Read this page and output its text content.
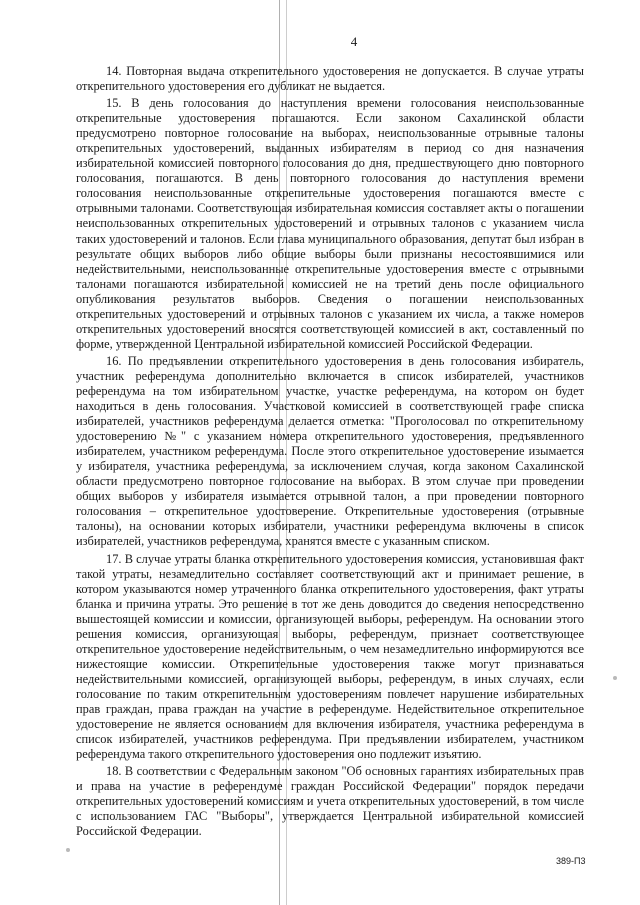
4

14. Повторная выдача открепительного удостоверения не допускается. В случае утраты открепительного удостоверения его дубликат не выдается.

15. В день голосования до наступления времени голосования неиспользованные открепительные удостоверения погашаются. Если законом Сахалинской области предусмотрено повторное голосование на выборах, неиспользованные отрывные талоны открепительных удостоверений, выданных избирателям в период со дня назначения избирательной комиссией повторного голосования до дня, предшествующего дню повторного голосования, погашаются. В день повторного голосования до наступления времени голосования неиспользованные открепительные удостоверения погашаются вместе с отрывными талонами. Соответствующая избирательная комиссия составляет акты о погашении неиспользованных открепительных удостоверений и отрывных талонов с указанием числа таких удостоверений и талонов. Если глава муниципального образования, депутат был избран в результате общих выборов либо общие выборы были признаны несостоявшимися или недействительными, неиспользованные открепительные удостоверения вместе с отрывными талонами погашаются избирательной комиссией не на третий день после официального опубликования результатов выборов. Сведения о погашении неиспользованных открепительных удостоверений и отрывных талонов с указанием их числа, а также номеров открепительных удостоверений вносятся соответствующей комиссией в акт, составленный по форме, утвержденной Центральной избирательной комиссией Российской Федерации.

16. По предъявлении открепительного удостоверения в день голосования избиратель, участник референдума дополнительно включается в список избирателей, участников референдума на том избирательном участке, участке референдума, на котором он будет находиться в день голосования. Участковой комиссией в соответствующей графе списка избирателей, участников референдума делается отметка: "Проголосовал по открепительному удостоверению №" с указанием номера открепительного удостоверения, предъявленного избирателем, участником референдума. После этого открепительное удостоверение изымается у избирателя, участника референдума, за исключением случая, когда законом Сахалинской области предусмотрено повторное голосование на выборах. В этом случае при проведении общих выборов у избирателя изымается отрывной талон, а при проведении повторного голосования – открепительное удостоверение. Открепительные удостоверения (отрывные талоны), на основании которых избиратели, участники референдума включены в список избирателей, участников референдума, хранятся вместе с указанным списком.

17. В случае утраты бланка открепительного удостоверения комиссия, установившая факт такой утраты, незамедлительно составляет соответствующий акт и принимает решение, в котором указываются номер утраченного бланка открепительного удостоверения, факт утраты бланка и причина утраты. Это решение в тот же день доводится до сведения непосредственно вышестоящей комиссии и комиссии, организующей выборы, референдум. На основании этого решения комиссия, организующая выборы, референдум, признает соответствующее открепительное удостоверение недействительным, о чем незамедлительно информируются все нижестоящие комиссии. Открепительные удостоверения также могут признаваться недействительными комиссией, организующей выборы, референдум, в иных случаях, если голосование по таким открепительным удостоверениям повлечет нарушение избирательных прав граждан, права граждан на участие в референдуме. Недействительное открепительное удостоверение не является основанием для включения избирателя, участника референдума в список избирателей, участников референдума. При предъявлении избирателем, участником референдума такого открепительного удостоверения оно подлежит изъятию.

18. В соответствии с Федеральным законом "Об основных гарантиях избирательных прав и права на участие в референдуме граждан Российской Федерации" порядок передачи открепительных удостоверений комиссиям и учета открепительных удостоверений, в том числе с использованием ГАС "Выборы", утверждается Центральной избирательной комиссией Российской Федерации.

389-П3
